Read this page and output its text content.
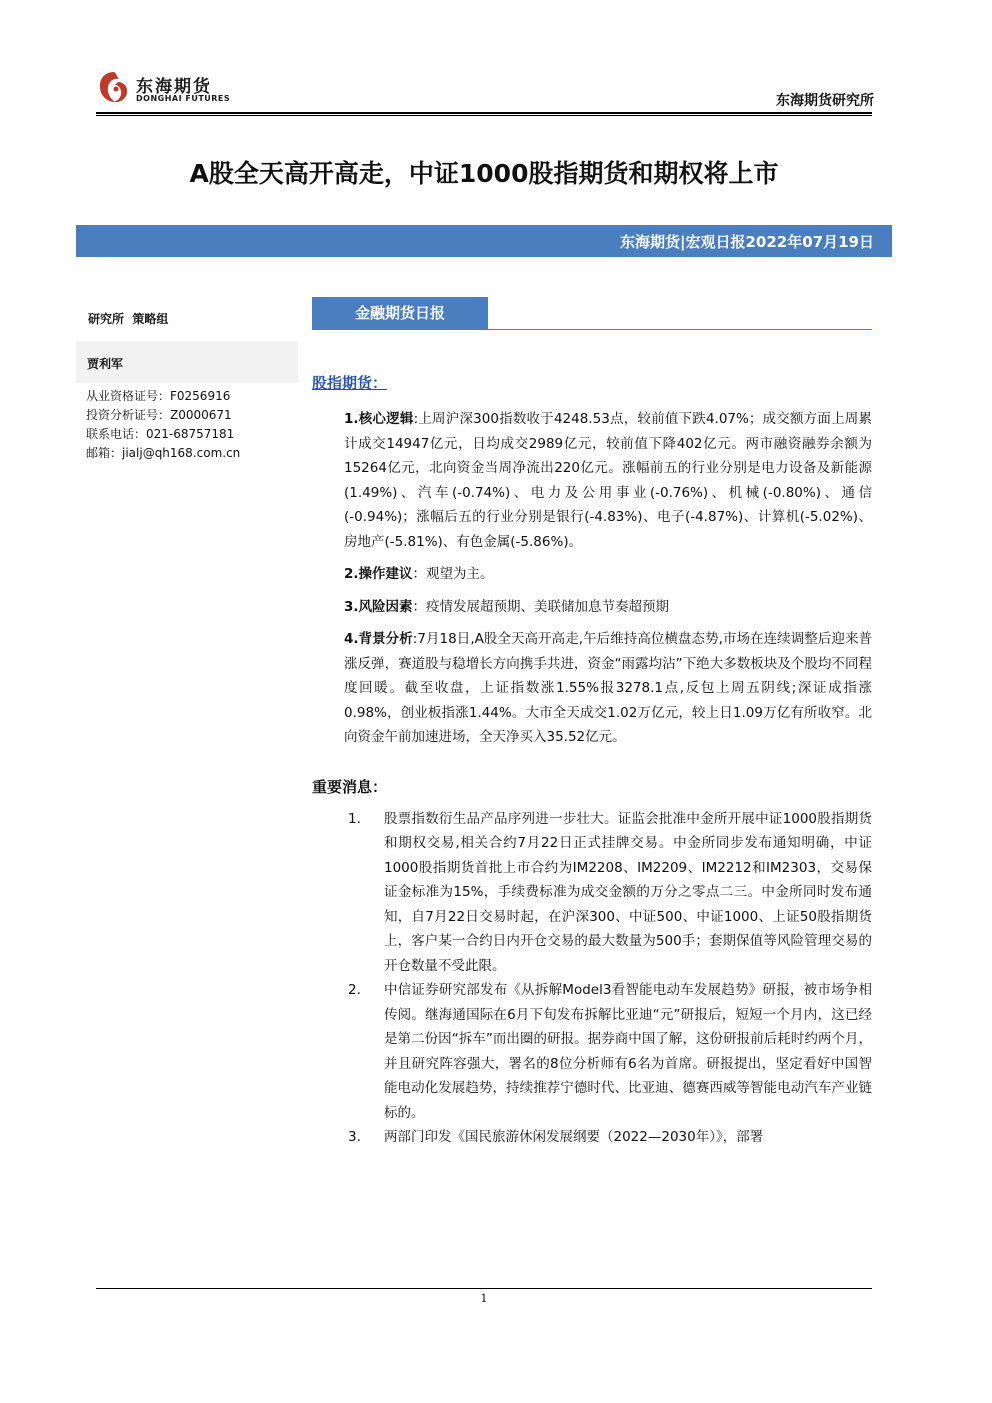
东海期货
DONGHAI FUTURES	东海期货研究所
A股全天高开高走，中证1000股指期货和期权将上市
东海期货|宏观日报2022年07月19日
研究所  策略组
贾利军
从业资格证号：F0256916
投资分析证号：Z0000671
联系电话：021-68757181
邮箱：jialj@qh168.com.cn
金融期货日报
股指期货：
1.核心逻辑:上周沪深300指数收于4248.53点，较前值下跌4.07%；成交额方面上周累计成交14947亿元，日均成交2989亿元，较前值下降402亿元。两市融资融券余额为15264亿元，北向资金当周净流出220亿元。涨幅前五的行业分别是电力设备及新能源(1.49%)、汽车(-0.74%)、电力及公用事业(-0.76%)、机械(-0.80%)、通信(-0.94%)；涨幅后五的行业分别是银行(-4.83%)、电子(-4.87%)、计算机(-5.02%)、房地产(-5.81%)、有色金属(-5.86%)。
2.操作建议：观望为主。
3.风险因素：疫情发展超预期、美联储加息节奏超预期
4.背景分析:7月18日,A股全天高开高走,午后维持高位横盘态势,市场在连续调整后迎来普涨反弹，赛道股与稳增长方向携手共进，资金“雨露均沾”下绝大多数板块及个股均不同程度回暖。截至收盘，上证指数涨1.55%报3278.1点,反包上周五阴线;深证成指涨0.98%，创业板指涨1.44%。大市全天成交1.02万亿元，较上日1.09万亿有所收窄。北向资金午前加速进场，全天净买入35.52亿元。
重要消息：
1. 股票指数衍生品产品序列进一步壮大。证监会批准中金所开展中证1000股指期货和期权交易,相关合约7月22日正式挂牌交易。中金所同步发布通知明确，中证1000股指期货首批上市合约为IM2208、IM2209、IM2212和IM2303，交易保证金标准为15%，手续费标准为成交金额的万分之零点二三。中金所同时发布通知，自7月22日交易时起，在沪深300、中证500、中证1000、上证50股指期货上，客户某一合约日内开仓交易的最大数量为500手；套期保值等风险管理交易的开仓数量不受此限。
2. 中信证券研究部发布《从拆解Model3看智能电动车发展趋势》研报，被市场争相传阅。继海通国际在6月下旬发布拆解比亚迪“元”研报后，短短一个月内，这已经是第二份因“拆车”而出圈的研报。据券商中国了解，这份研报前后耗时约两个月，并且研究阵容强大，署名的8位分析师有6名为首席。研报提出，坚定看好中国智能电动化发展趋势，持续推荐宁德时代、比亚迪、德赛西威等智能电动汽车产业链标的。
3. 两部门印发《国民旅游休闲发展纲要（2022—2030年）》，部署
1
